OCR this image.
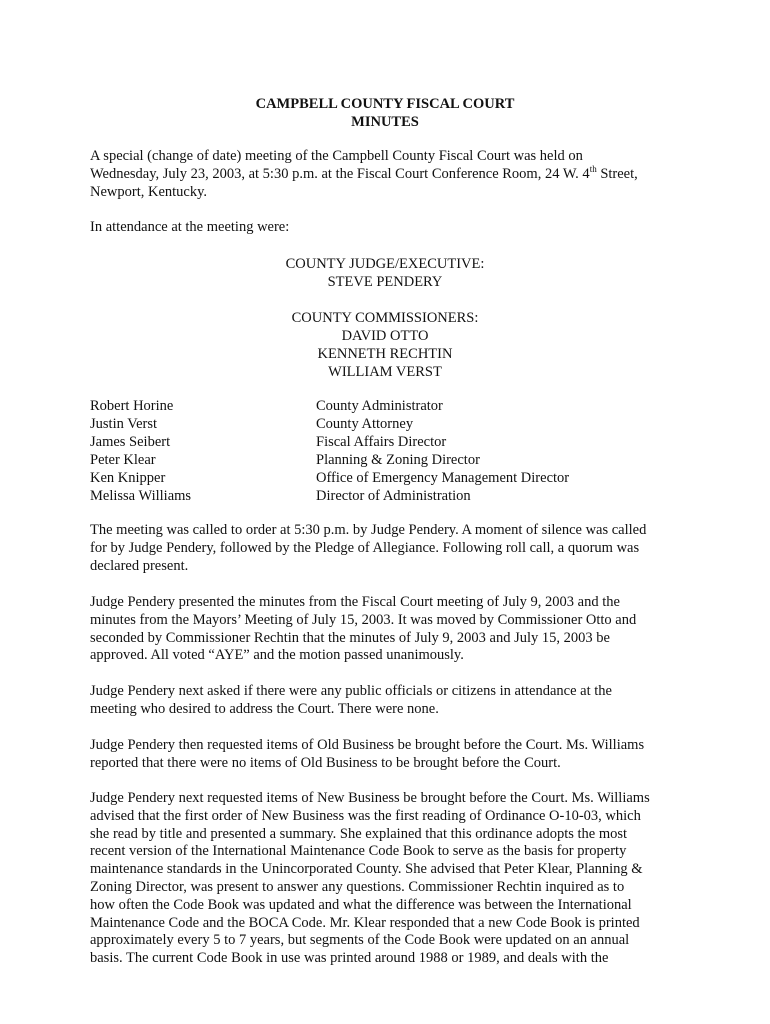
CAMPBELL COUNTY FISCAL COURT
MINUTES
A special (change of date) meeting of the Campbell County Fiscal Court was held on
Wednesday, July 23, 2003, at 5:30 p.m. at the Fiscal Court Conference Room, 24 W. 4th Street,
Newport, Kentucky.
In attendance at the meeting were:
COUNTY JUDGE/EXECUTIVE:
STEVE PENDERY
COUNTY COMMISSIONERS:
DAVID OTTO
KENNETH RECHTIN
WILLIAM VERST
Robert Horine	County Administrator
Justin Verst	County Attorney
James Seibert	Fiscal Affairs Director
Peter Klear	Planning & Zoning Director
Ken Knipper	Office of Emergency Management Director
Melissa Williams	Director of Administration
The meeting was called to order at 5:30 p.m. by Judge Pendery. A moment of silence was called
for by Judge Pendery, followed by the Pledge of Allegiance. Following roll call, a quorum was
declared present.
Judge Pendery presented the minutes from the Fiscal Court meeting of July 9, 2003 and the
minutes from the Mayors’ Meeting of July 15, 2003. It was moved by Commissioner Otto and
seconded by Commissioner Rechtin that the minutes of July 9, 2003 and July 15, 2003 be
approved. All voted “AYE” and the motion passed unanimously.
Judge Pendery next asked if there were any public officials or citizens in attendance at the
meeting who desired to address the Court. There were none.
Judge Pendery then requested items of Old Business be brought before the Court. Ms. Williams
reported that there were no items of Old Business to be brought before the Court.
Judge Pendery next requested items of New Business be brought before the Court. Ms. Williams
advised that the first order of New Business was the first reading of Ordinance O-10-03, which
she read by title and presented a summary. She explained that this ordinance adopts the most
recent version of the International Maintenance Code Book to serve as the basis for property
maintenance standards in the Unincorporated County. She advised that Peter Klear, Planning &
Zoning Director, was present to answer any questions. Commissioner Rechtin inquired as to
how often the Code Book was updated and what the difference was between the International
Maintenance Code and the BOCA Code. Mr. Klear responded that a new Code Book is printed
approximately every 5 to 7 years, but segments of the Code Book were updated on an annual
basis. The current Code Book in use was printed around 1988 or 1989, and deals with the
